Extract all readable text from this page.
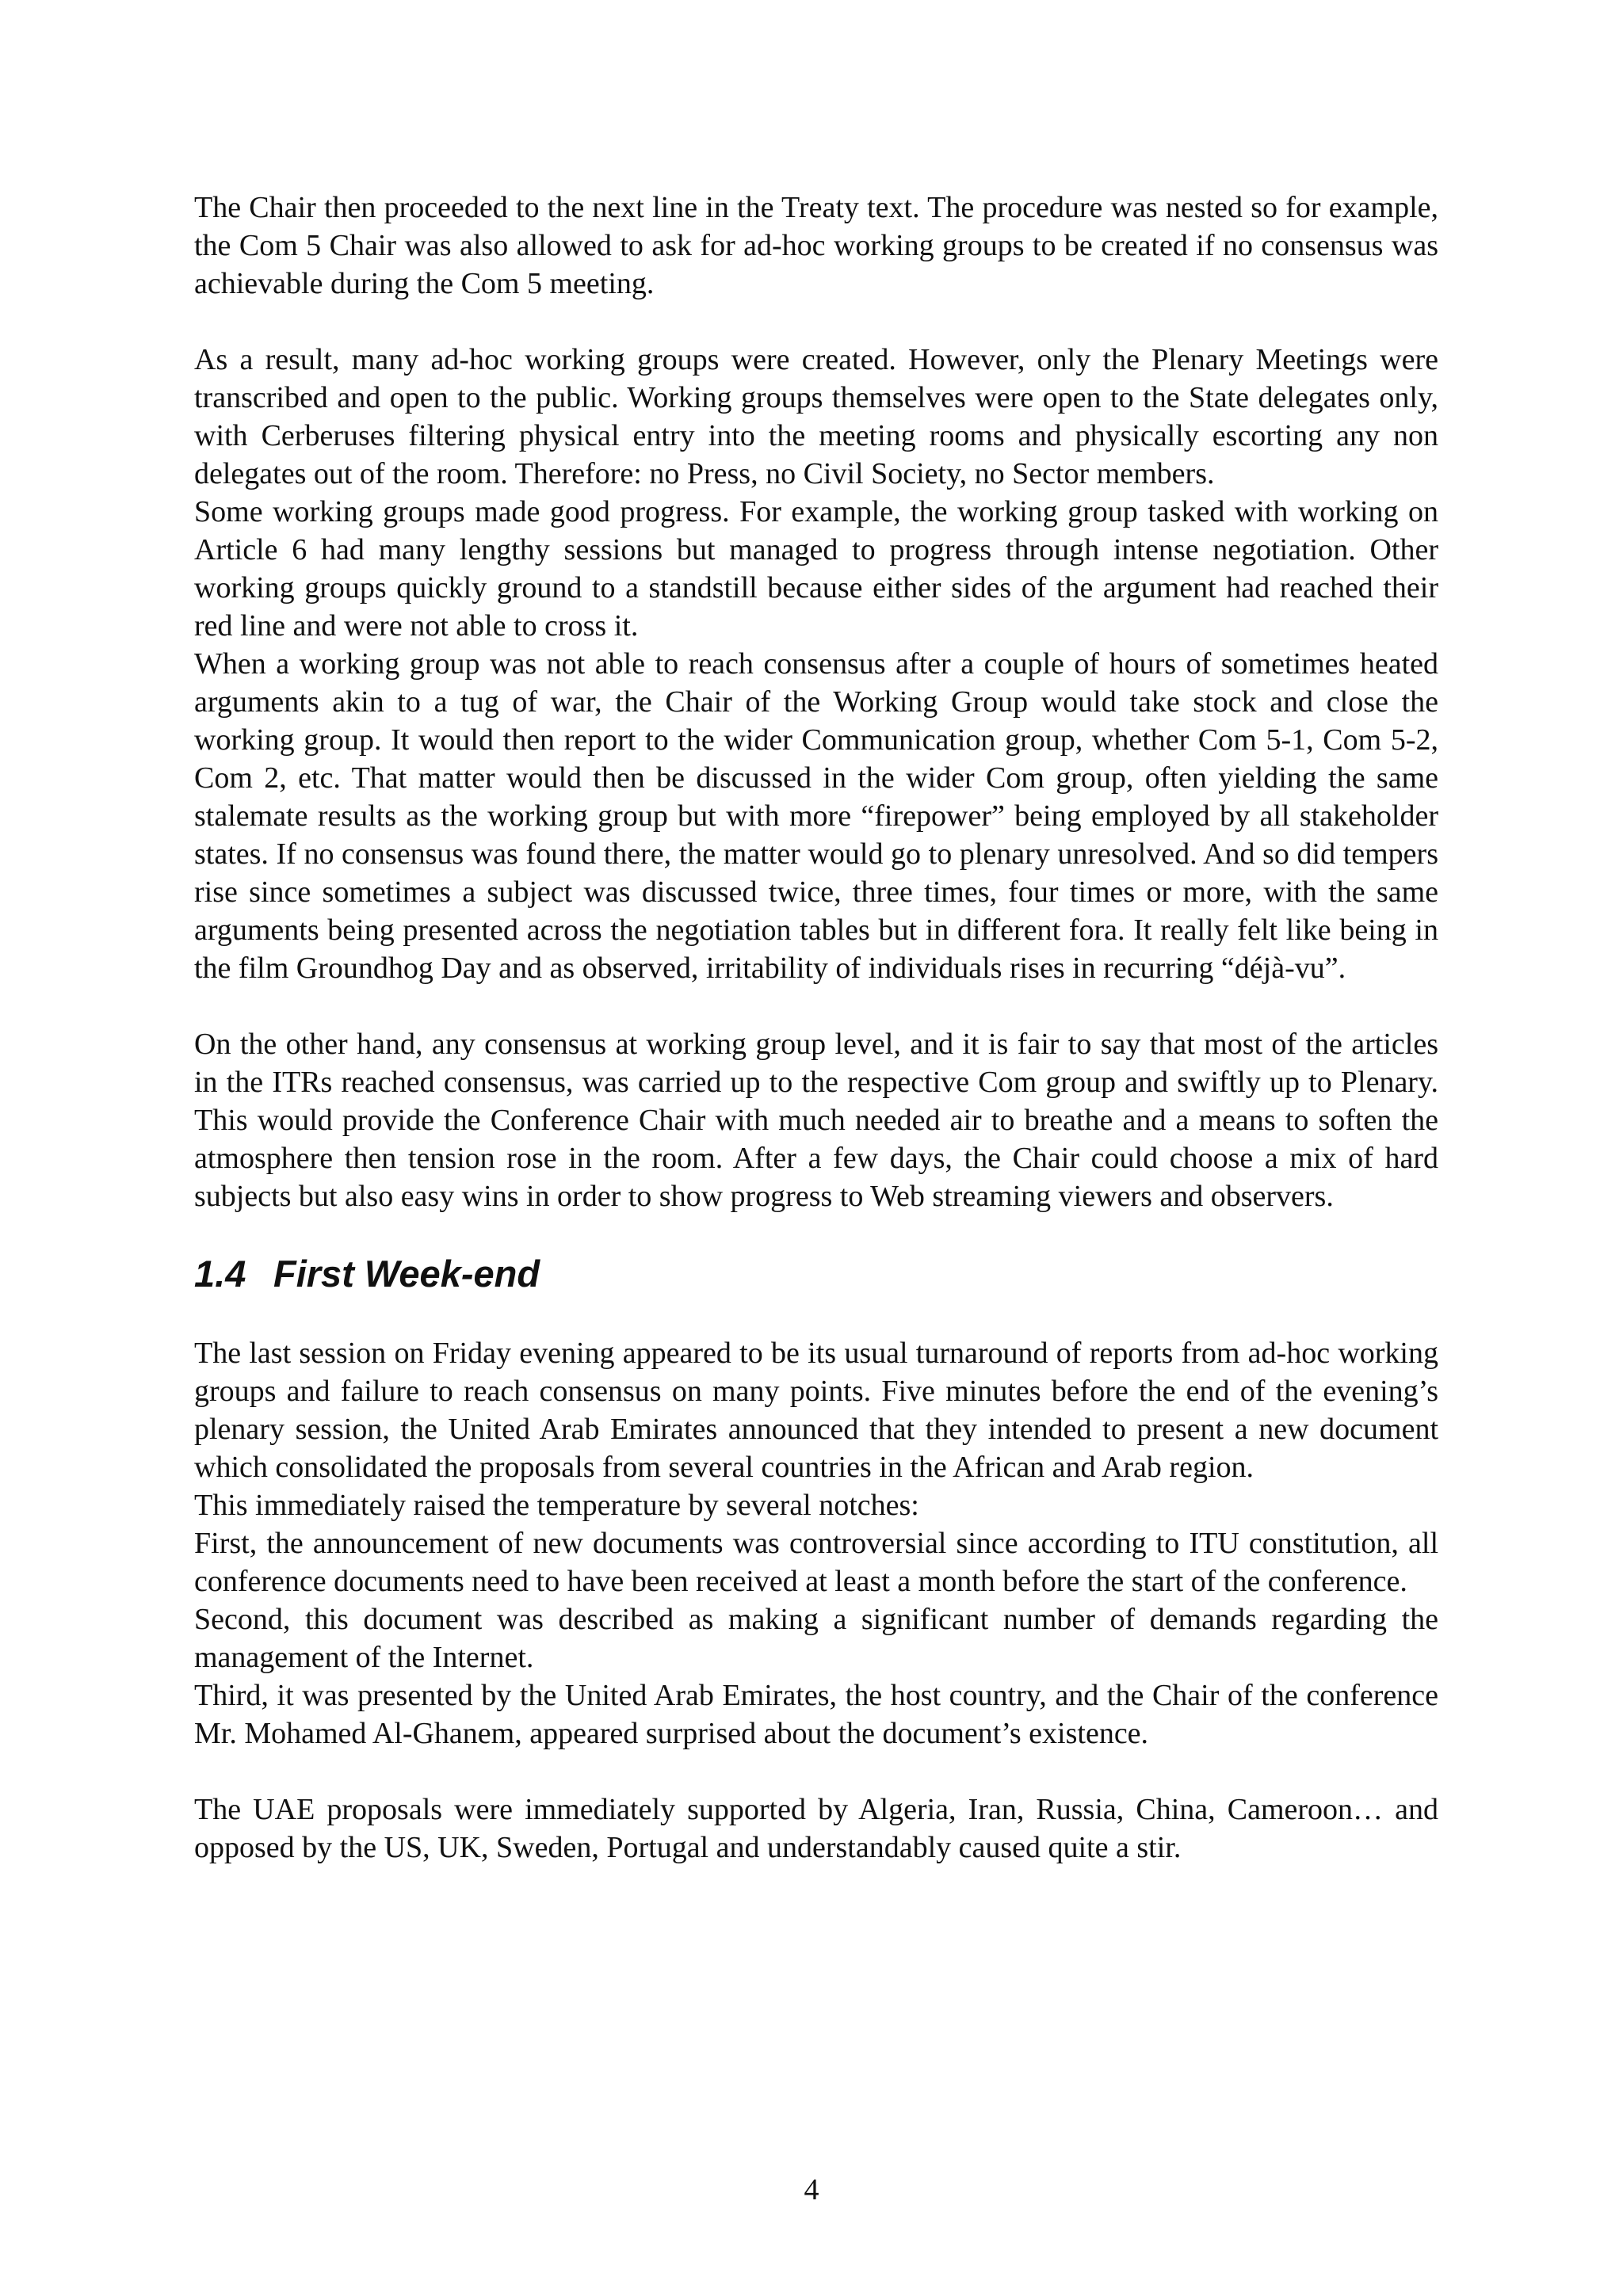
The Chair then proceeded to the next line in the Treaty text. The procedure was nested so for example, the Com 5 Chair was also allowed to ask for ad-hoc working groups to be created if no consensus was achievable during the Com 5 meeting.

As a result, many ad-hoc working groups were created. However, only the Plenary Meetings were transcribed and open to the public. Working groups themselves were open to the State delegates only, with Cerberuses filtering physical entry into the meeting rooms and physically escorting any non delegates out of the room. Therefore: no Press, no Civil Society, no Sector members.

Some working groups made good progress. For example, the working group tasked with working on Article 6 had many lengthy sessions but managed to progress through intense negotiation. Other working groups quickly ground to a standstill because either sides of the argument had reached their red line and were not able to cross it.

When a working group was not able to reach consensus after a couple of hours of sometimes heated arguments akin to a tug of war, the Chair of the Working Group would take stock and close the working group. It would then report to the wider Communication group, whether Com 5-1, Com 5-2, Com 2, etc. That matter would then be discussed in the wider Com group, often yielding the same stalemate results as the working group but with more “firepower” being employed by all stakeholder states. If no consensus was found there, the matter would go to plenary unresolved. And so did tempers rise since sometimes a subject was discussed twice, three times, four times or more, with the same arguments being presented across the negotiation tables but in different fora. It really felt like being in the film Groundhog Day and as observed, irritability of individuals rises in recurring “déjà-vu”.

On the other hand, any consensus at working group level, and it is fair to say that most of the articles in the ITRs reached consensus, was carried up to the respective Com group and swiftly up to Plenary. This would provide the Conference Chair with much needed air to breathe and a means to soften the atmosphere then tension rose in the room. After a few days, the Chair could choose a mix of hard subjects but also easy wins in order to show progress to Web streaming viewers and observers.

1.4 First Week-end

The last session on Friday evening appeared to be its usual turnaround of reports from ad-hoc working groups and failure to reach consensus on many points. Five minutes before the end of the evening’s plenary session, the United Arab Emirates announced that they intended to present a new document which consolidated the proposals from several countries in the African and Arab region.

This immediately raised the temperature by several notches:

First, the announcement of new documents was controversial since according to ITU constitution, all conference documents need to have been received at least a month before the start of the conference.

Second, this document was described as making a significant number of demands regarding the management of the Internet.

Third, it was presented by the United Arab Emirates, the host country, and the Chair of the conference Mr. Mohamed Al-Ghanem, appeared surprised about the document’s existence.

The UAE proposals were immediately supported by Algeria, Iran, Russia, China, Cameroon… and opposed by the US, UK, Sweden, Portugal and understandably caused quite a stir.

4
